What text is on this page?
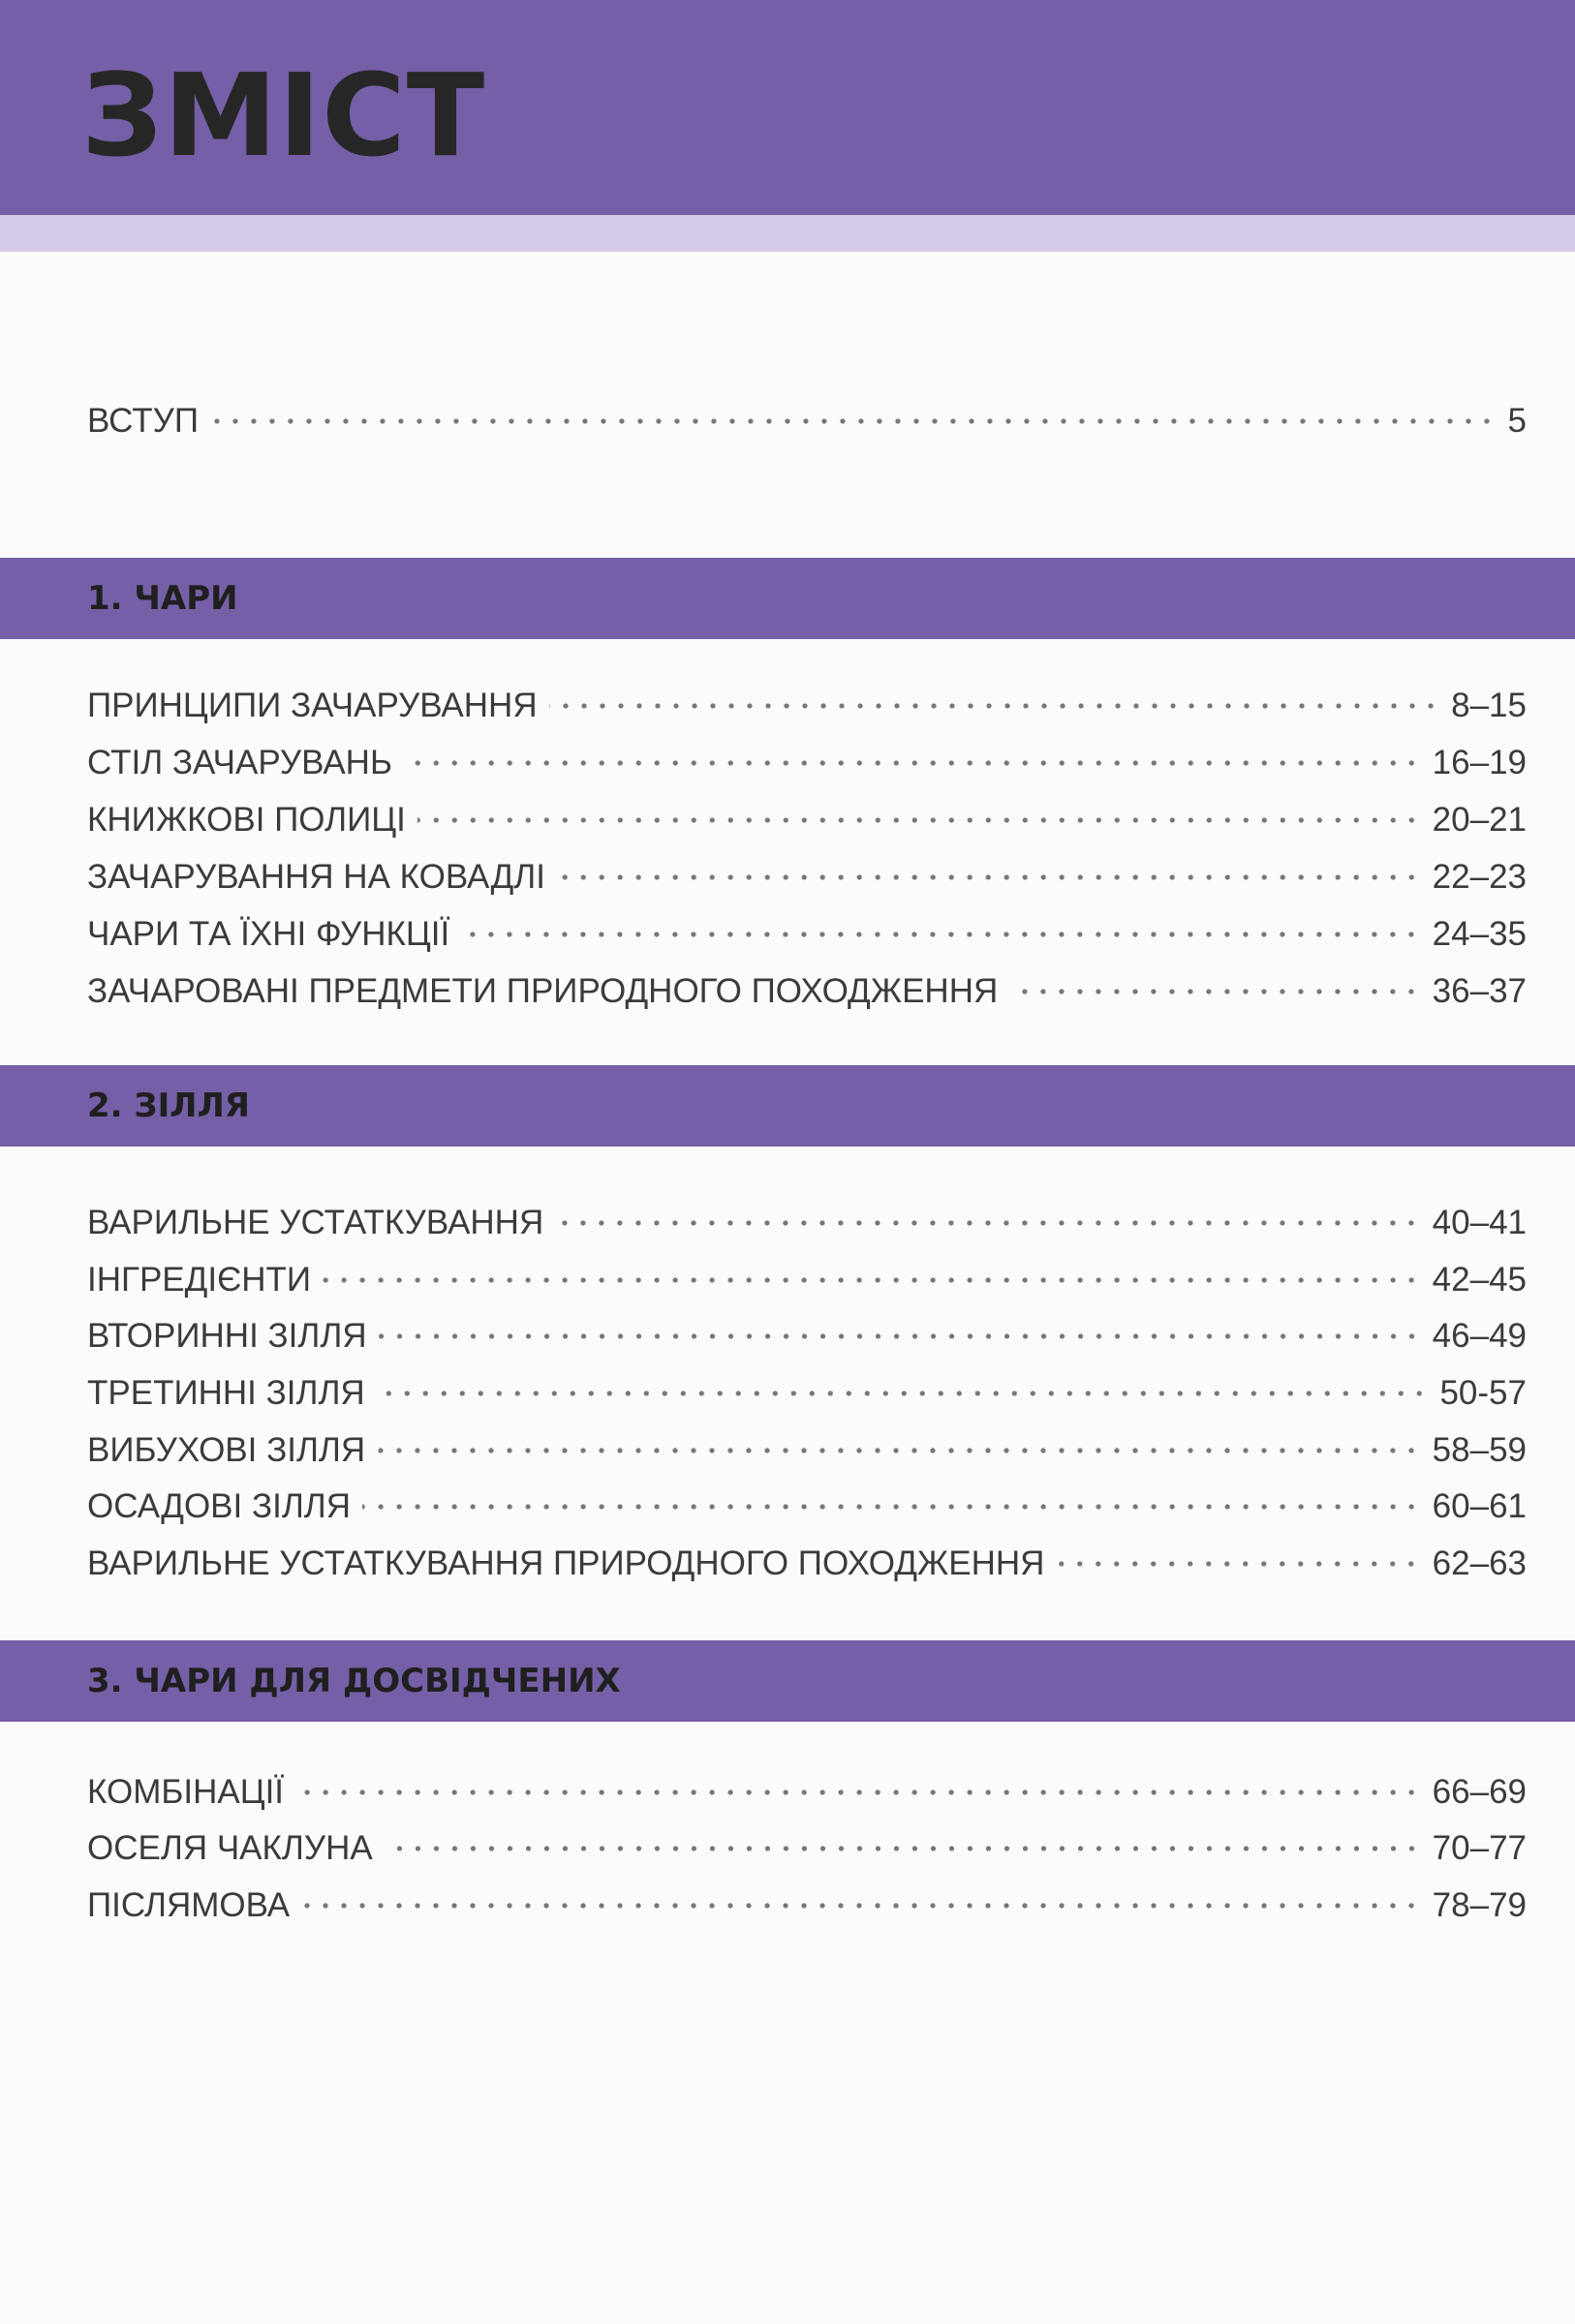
ЗМІСТ
ВСТУП	5
1. ЧАРИ
ПРИНЦИПИ ЗАЧАРУВАННЯ	8–15
СТІЛ ЗАЧАРУВАНЬ	16–19
КНИЖКОВІ ПОЛИЦІ	20–21
ЗАЧАРУВАННЯ НА КОВАДЛІ	22–23
ЧАРИ ТА ЇХНІ ФУНКЦІЇ	24–35
ЗАЧАРОВАНІ ПРЕДМЕТИ ПРИРОДНОГО ПОХОДЖЕННЯ	36–37
2. ЗІЛЛЯ
ВАРИЛЬНЕ УСТАТКУВАННЯ	40–41
ІНГРЕДІЄНТИ	42–45
ВТОРИННІ ЗІЛЛЯ	46–49
ТРЕТИННІ ЗІЛЛЯ	50-57
ВИБУХОВІ ЗІЛЛЯ	58–59
ОСАДОВІ ЗІЛЛЯ	60–61
ВАРИЛЬНЕ УСТАТКУВАННЯ ПРИРОДНОГО ПОХОДЖЕННЯ	62–63
3. ЧАРИ ДЛЯ ДОСВІДЧЕНИХ
КОМБІНАЦІЇ	66–69
ОСЕЛЯ ЧАКЛУНА	70–77
ПІСЛЯМОВА	78–79
